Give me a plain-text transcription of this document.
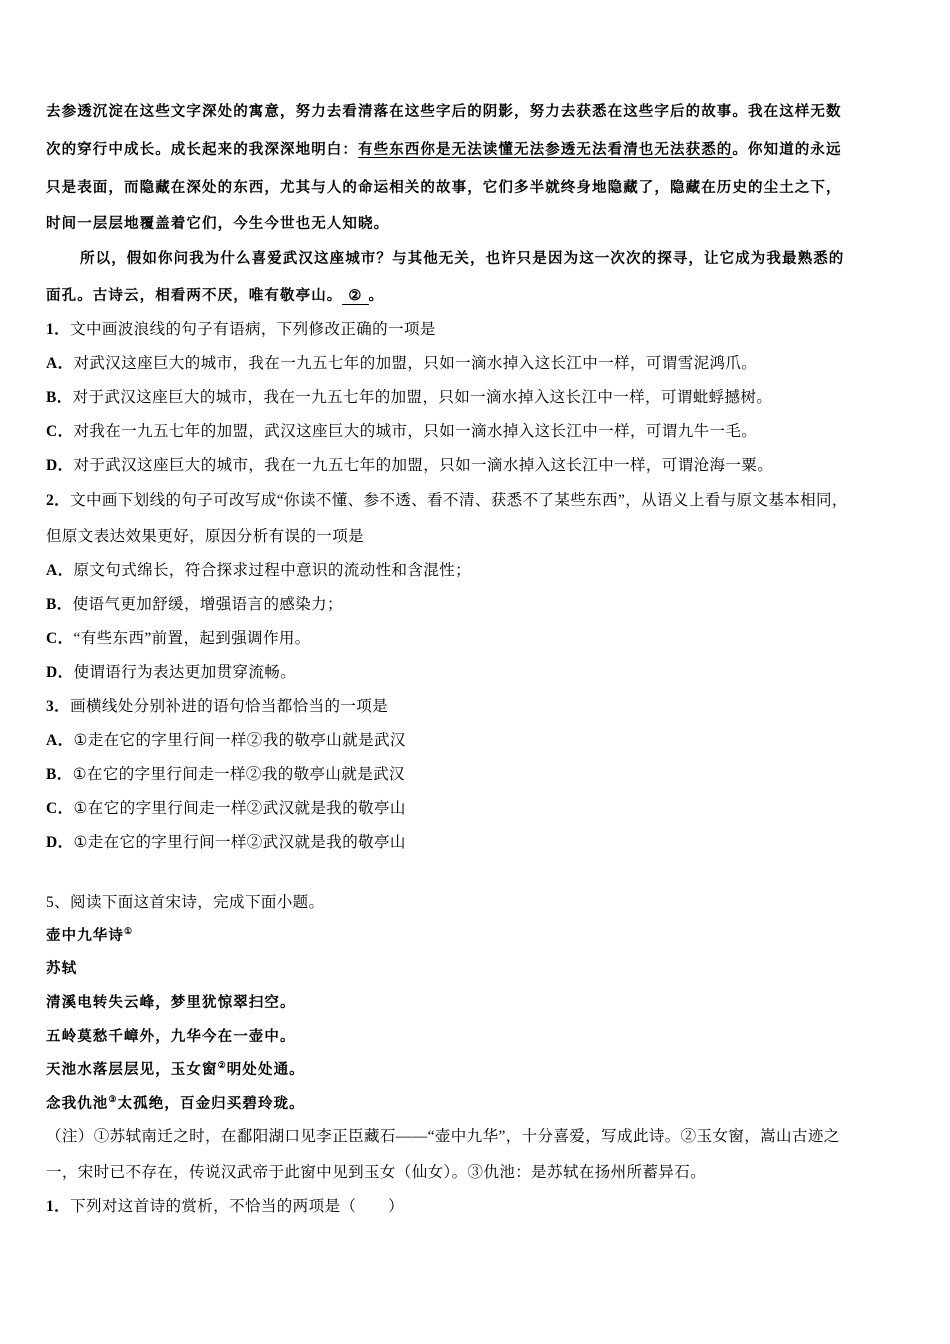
去参透沉淀在这些文字深处的寓意，努力去看清落在这些字后的阴影，努力去获悉在这些字后的故事。我在这样无数
次的穿行中成长。成长起来的我深深地明白：有些东西你是无法读懂无法参透无法看清也无法获悉的。你知道的永远
只是表面，而隐藏在深处的东西，尤其与人的命运相关的故事，它们多半就终身地隐藏了，隐藏在历史的尘土之下，
时间一层层地覆盖着它们，今生今世也无人知晓。
所以，假如你问我为什么喜爱武汉这座城市？与其他无关，也许只是因为这一次次的探寻，让它成为我最熟悉的
面孔。古诗云，相看两不厌，唯有敬亭山。 ② 。
1．文中画波浪线的句子有语病，下列修改正确的一项是
A．对武汉这座巨大的城市，我在一九五七年的加盟，只如一滴水掉入这长江中一样，可谓雪泥鸿爪。
B．对于武汉这座巨大的城市，我在一九五七年的加盟，只如一滴水掉入这长江中一样，可谓蚍蜉撼树。
C．对我在一九五七年的加盟，武汉这座巨大的城市，只如一滴水掉入这长江中一样，可谓九牛一毛。
D．对于武汉这座巨大的城市，我在一九五七年的加盟，只如一滴水掉入这长江中一样，可谓沧海一粟。
2．文中画下划线的句子可改写成“你读不懂、参不透、看不清、获悉不了某些东西”，从语义上看与原文基本相同，
但原文表达效果更好，原因分析有误的一项是
A．原文句式绵长，符合探求过程中意识的流动性和含混性；
B．使语气更加舒缓，增强语言的感染力；
C．“有些东西”前置，起到强调作用。
D．使谓语行为表达更加贯穿流畅。
3．画横线处分别补进的语句恰当都恰当的一项是
A．①走在它的字里行间一样②我的敬亭山就是武汉
B．①在它的字里行间走一样②我的敬亭山就是武汉
C．①在它的字里行间走一样②武汉就是我的敬亭山
D．①走在它的字里行间一样②武汉就是我的敬亭山
5、阅读下面这首宋诗，完成下面小题。
壶中九华诗①
苏轼
清溪电转失云峰，梦里犹惊翠扫空。
五岭莫愁千嶂外，九华今在一壶中。
天池水落层层见，玉女窗②明处处通。
念我仇池③太孤绝，百金归买碧玲珑。
（注）①苏轼南迁之时，在鄱阳湖口见李正臣藏石——“壶中九华”，十分喜爱，写成此诗。②玉女窗，嵩山古迹之
一，宋时已不存在，传说汉武帝于此窗中见到玉女（仙女）。③仇池：是苏轼在扬州所蓄异石。
1．下列对这首诗的赏析，不恰当的两项是（　　）
